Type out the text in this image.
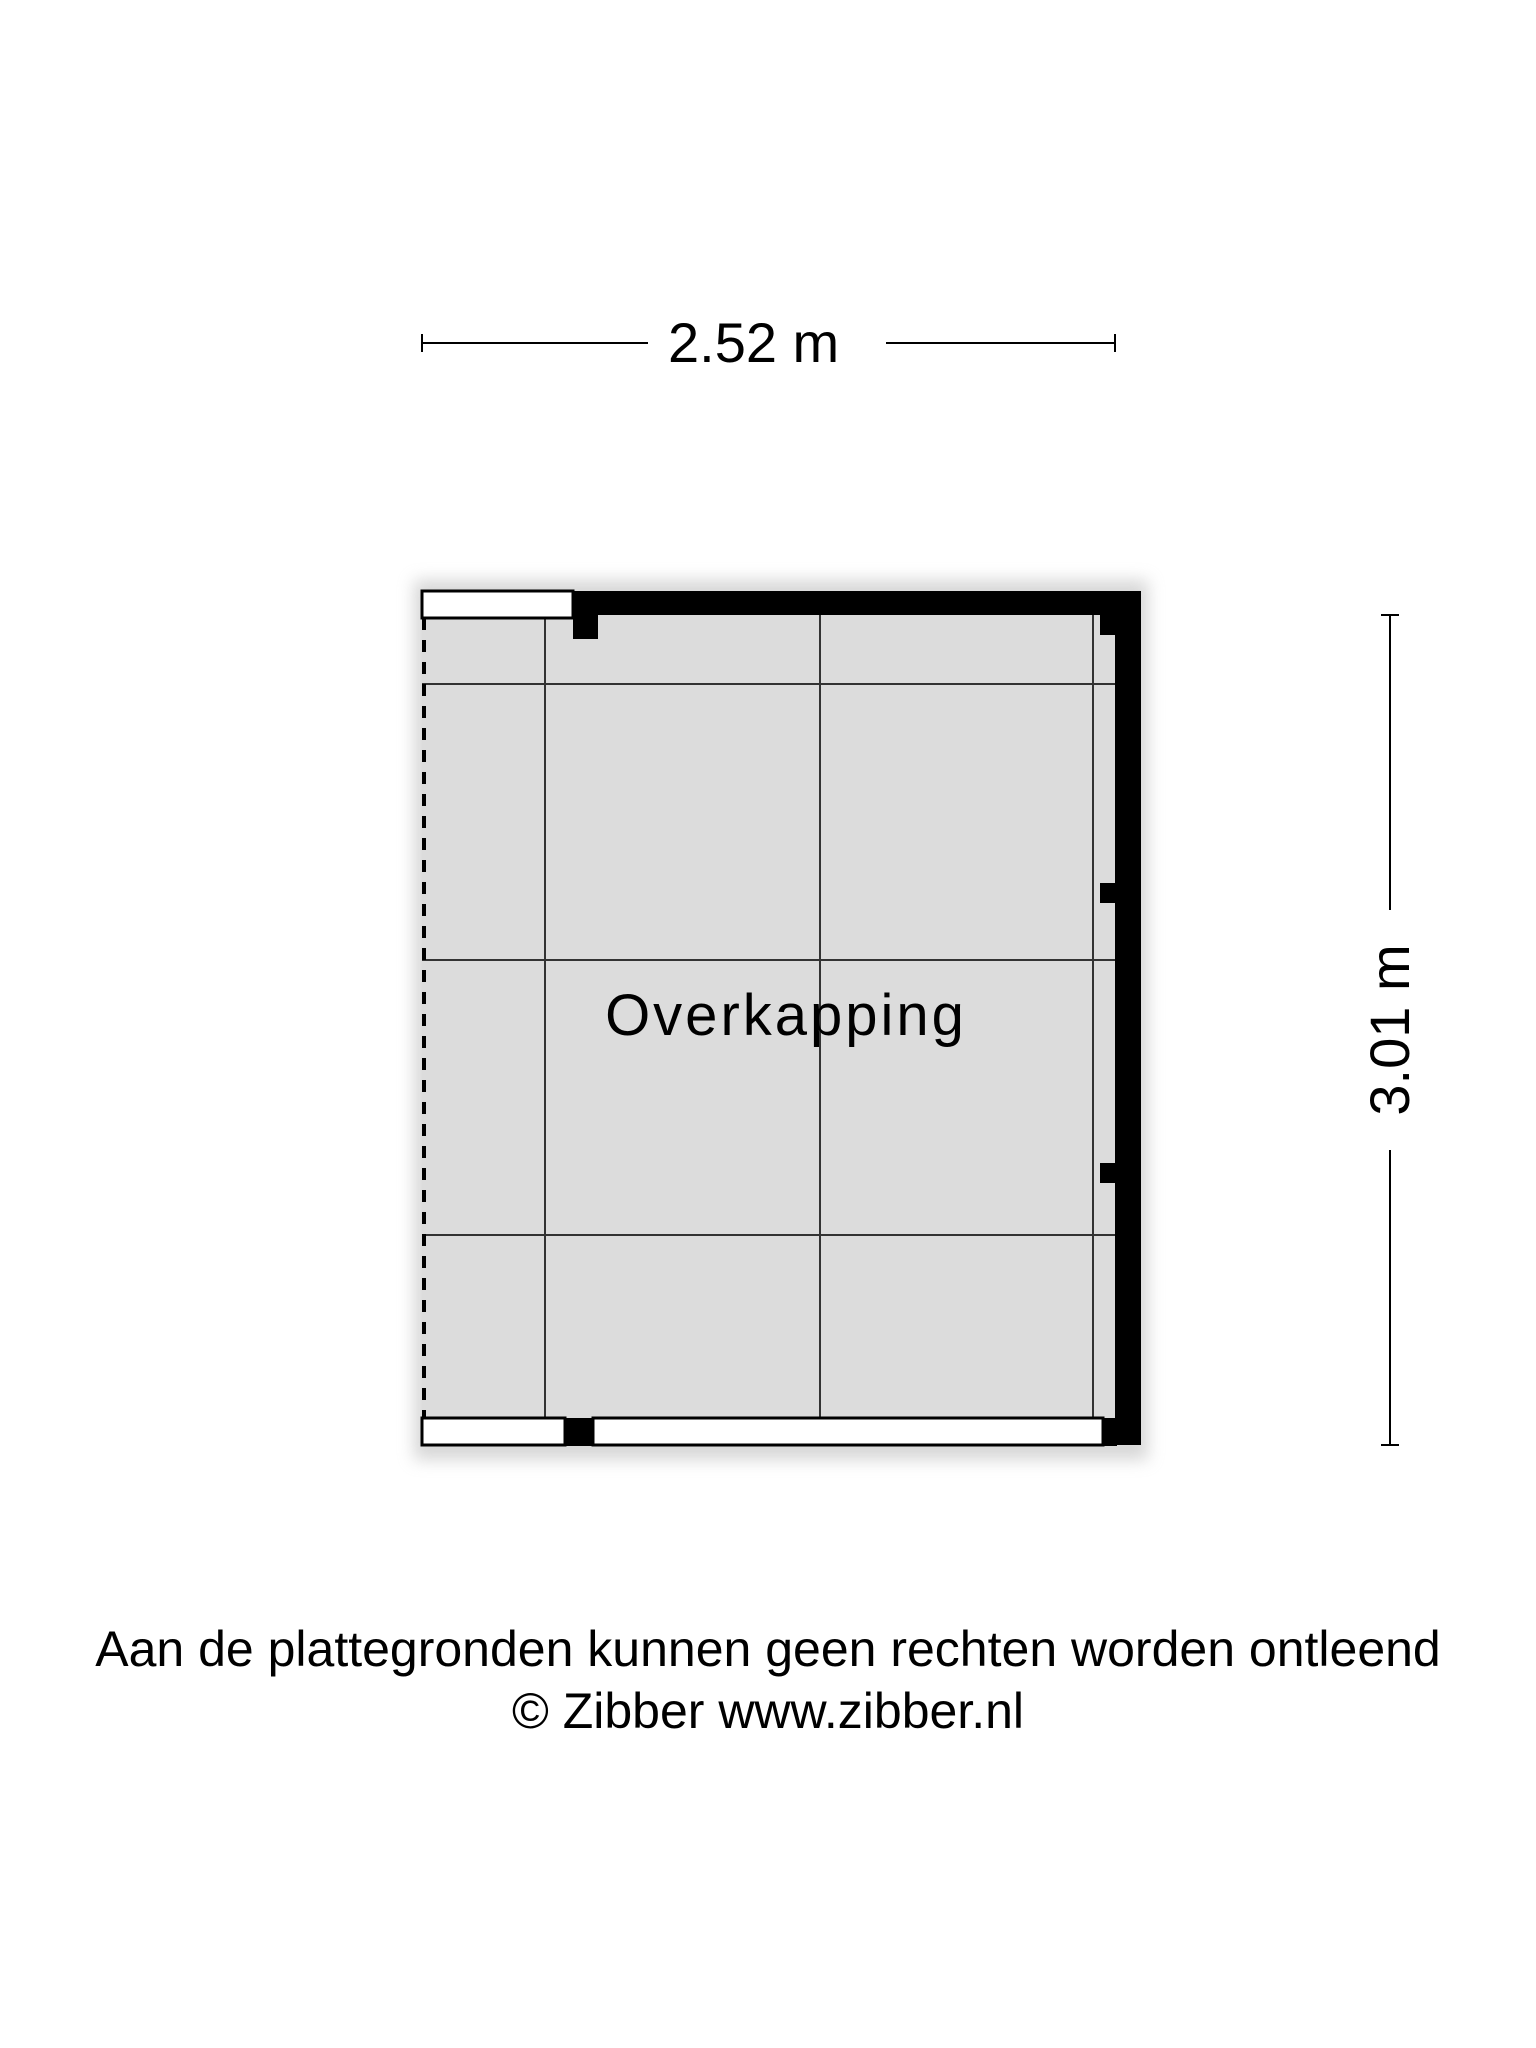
2.52 m
3.01 m
Overkapping
Aan de plattegronden kunnen geen rechten worden ontleend
© Zibber www.zibber.nl
